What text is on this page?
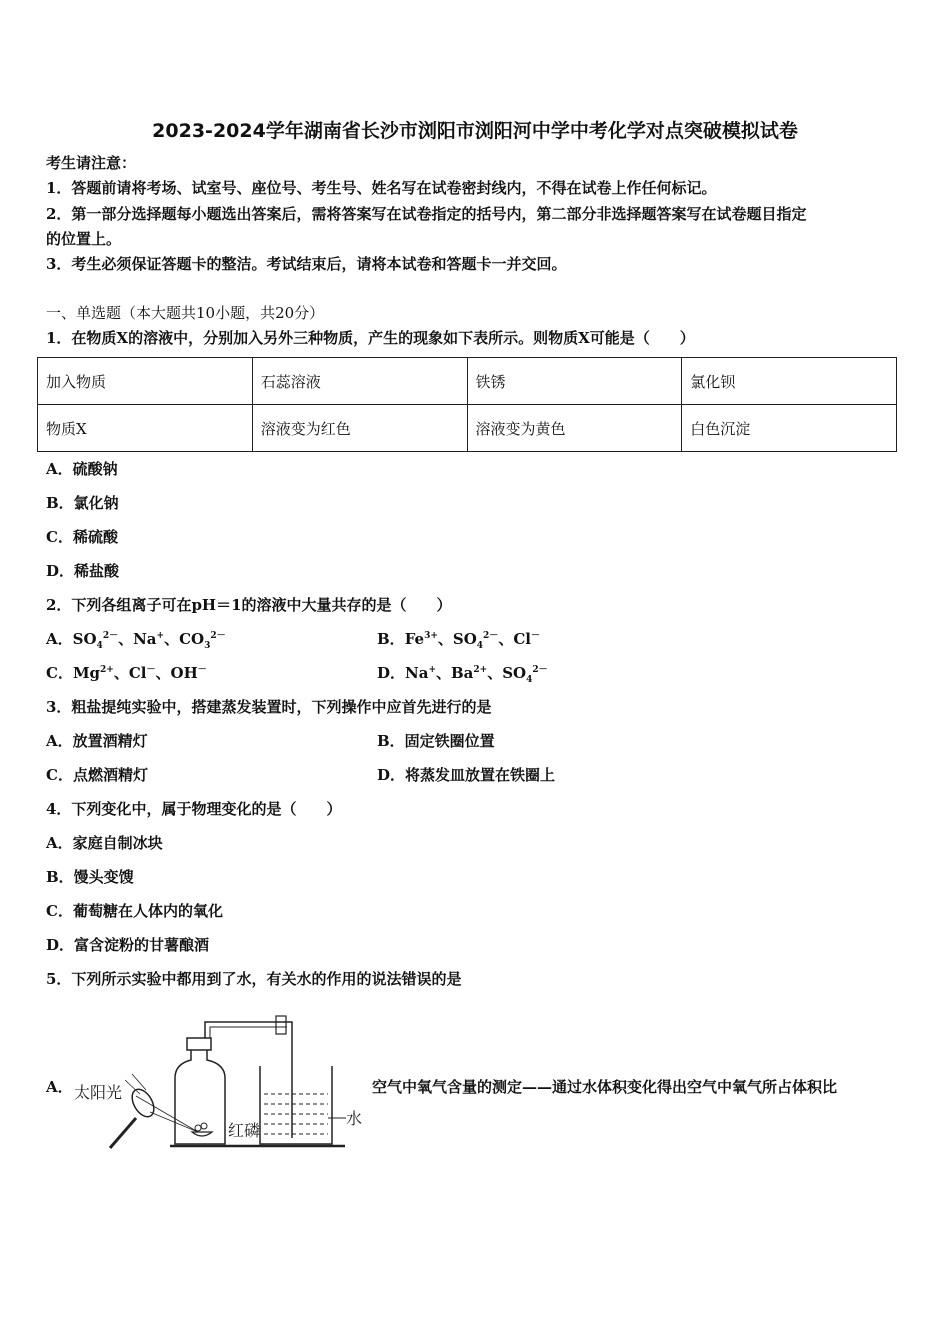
2023-2024学年湖南省长沙市浏阳市浏阳河中学中考化学对点突破模拟试卷
考生请注意：
1．答题前请将考场、试室号、座位号、考生号、姓名写在试卷密封线内，不得在试卷上作任何标记。
2．第一部分选择题每小题选出答案后，需将答案写在试卷指定的括号内，第二部分非选择题答案写在试卷题目指定
的位置上。
3．考生必须保证答题卡的整洁。考试结束后，请将本试卷和答题卡一并交回。
一、单选题（本大题共10小题，共20分）
1．在物质X的溶液中，分别加入另外三种物质，产生的现象如下表所示。则物质X可能是（　　）
加入物质	石蕊溶液	铁锈	氯化钡
物质X	溶液变为红色	溶液变为黄色	白色沉淀
A．硫酸钠
B．氯化钠
C．稀硫酸
D．稀盐酸
2．下列各组离子可在pH＝1的溶液中大量共存的是（　　）
A．$SO_4^{2-}$、Na+、$CO_3^{2-}$	B．$Fe^{3+}$、$SO_4^{2-}$、Cl－
C．$Mg^{2+}$、Cl－、OH－	D．Na+、$Ba^{2+}$、$SO_4^{2-}$
3．粗盐提纯实验中，搭建蒸发装置时，下列操作中应首先进行的是
A．放置酒精灯	B．固定铁圈位置
C．点燃酒精灯	D．将蒸发皿放置在铁圈上
4．下列变化中，属于物理变化的是（　　）
A．家庭自制冰块
B．馒头变馊
C．葡萄糖在人体内的氧化
D．富含淀粉的甘薯酿酒
5．下列所示实验中都用到了水，有关水的作用的说法错误的是
A． 太阳光
红磷
水
空气中氧气含量的测定——通过水体积变化得出空气中氧气所占体积比
